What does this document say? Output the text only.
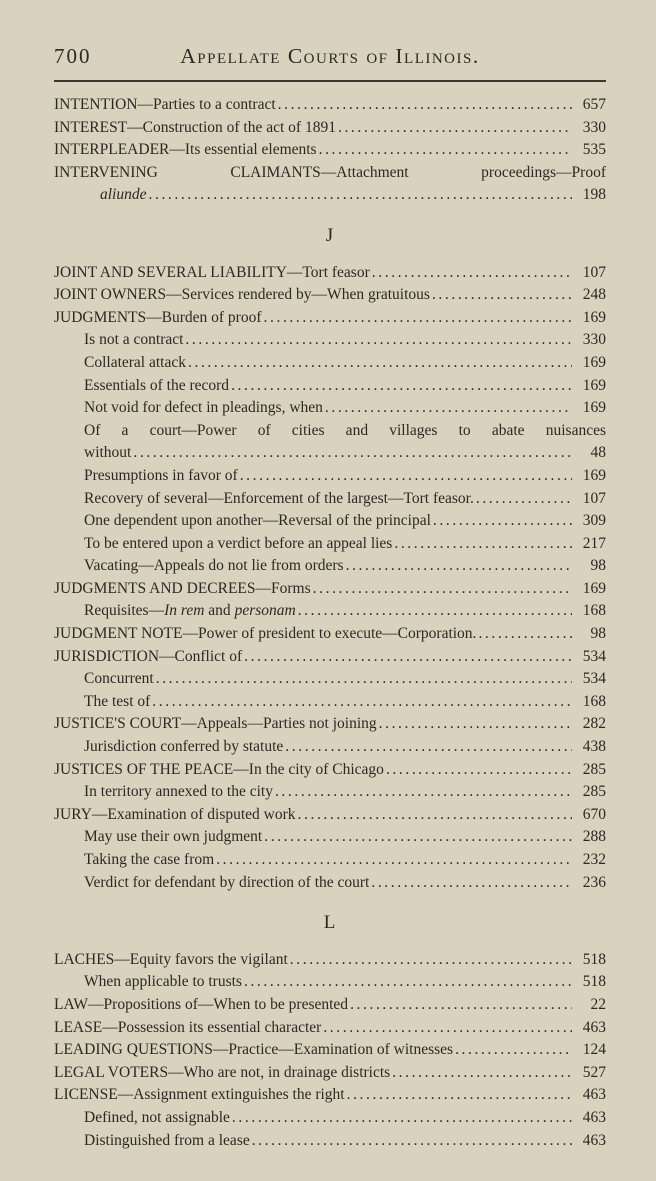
700	Appellate Courts of Illinois.
INTENTION—Parties to a contract .....	657
INTEREST—Construction of the act of 1891 .....	330
INTERPLEADER—Its essential elements .....	535
INTERVENING CLAIMANTS—Attachment proceedings—Proof
aliunde .....	198
J
JOINT AND SEVERAL LIABILITY—Tort feasor .....	107
JOINT OWNERS—Services rendered by—When gratuitous .....	248
JUDGMENTS—Burden of proof .....	169
Is not a contract .....	330
Collateral attack .....	169
Essentials of the record .....	169
Not void for defect in pleadings, when .....	169
Of a court—Power of cities and villages to abate nuisances
without .....	48
Presumptions in favor of .....	169
Recovery of several—Enforcement of the largest—Tort feasor. .....	107
One dependent upon another—Reversal of the principal .....	309
To be entered upon a verdict before an appeal lies .....	217
Vacating—Appeals do not lie from orders .....	98
JUDGMENTS AND DECREES—Forms .....	169
Requisites—In rem and personam .....	168
JUDGMENT NOTE—Power of president to execute—Corporation. .....	98
JURISDICTION—Conflict of .....	534
Concurrent .....	534
The test of .....	168
JUSTICE'S COURT—Appeals—Parties not joining .....	282
Jurisdiction conferred by statute .....	438
JUSTICES OF THE PEACE—In the city of Chicago .....	285
In territory annexed to the city .....	285
JURY—Examination of disputed work .....	670
May use their own judgment .....	288
Taking the case from .....	232
Verdict for defendant by direction of the court .....	236
L
LACHES—Equity favors the vigilant .....	518
When applicable to trusts .....	518
LAW—Propositions of—When to be presented .....	22
LEASE—Possession its essential character .....	463
LEADING QUESTIONS—Practice—Examination of witnesses .....	124
LEGAL VOTERS—Who are not, in drainage districts .....	527
LICENSE—Assignment extinguishes the right .....	463
Defined, not assignable .....	463
Distinguished from a lease .....	463
